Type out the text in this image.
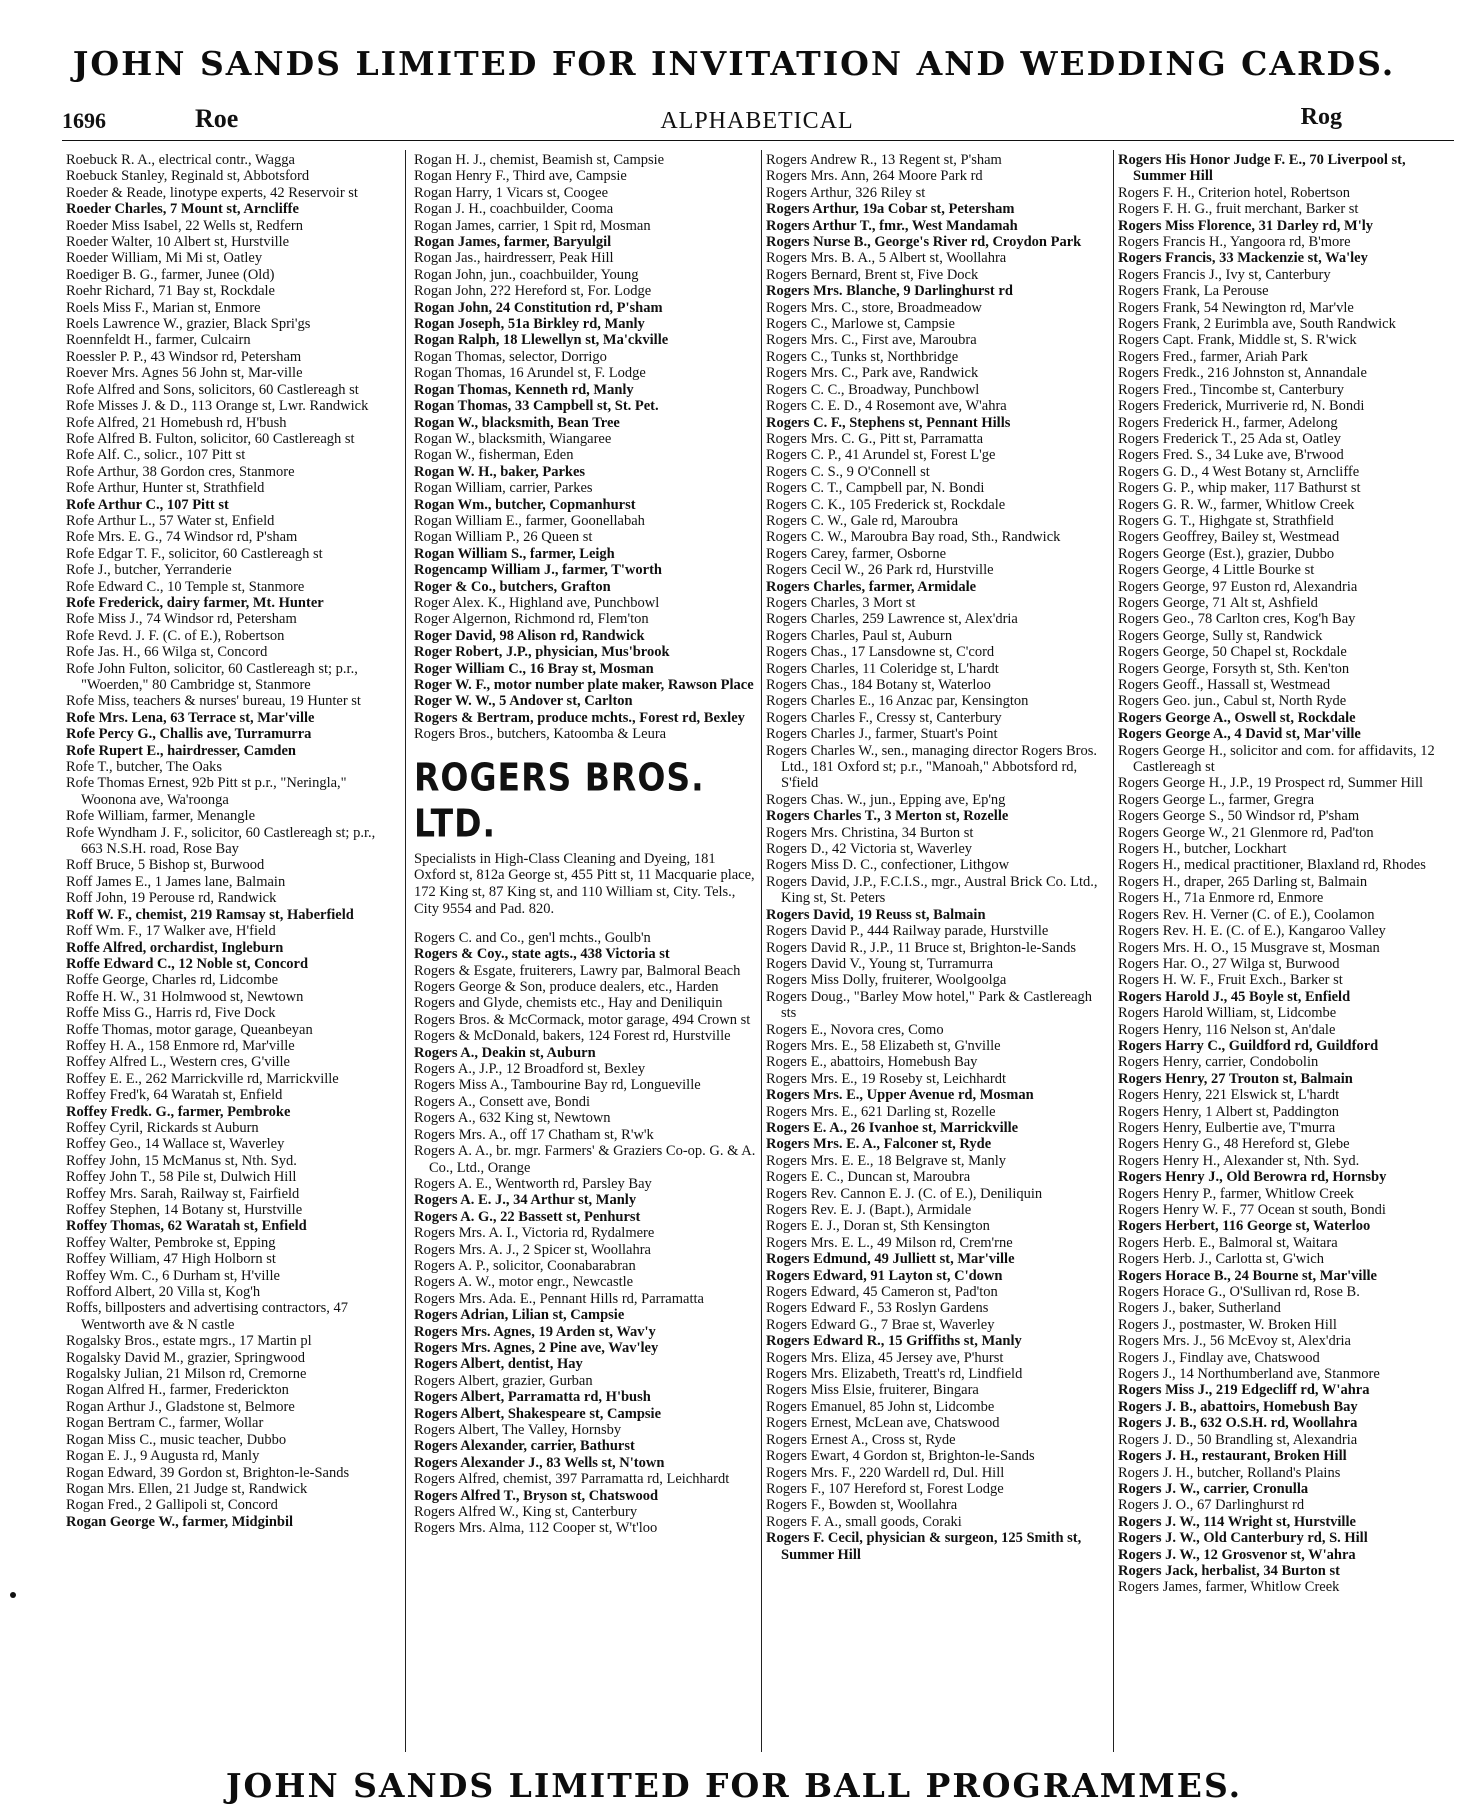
JOHN SANDS LIMITED FOR INVITATION AND WEDDING CARDS.
1696	Roe	ALPHABETICAL	Rog

Roebuck R. A., electrical contr., Wagga

Roebuck Stanley, Reginald st, Abbotsford

Roeder & Reade, linotype experts, 42 Reservoir st

Roeder Charles, 7 Mount st, Arncliffe

Roeder Miss Isabel, 22 Wells st, Redfern

Roeder Walter, 10 Albert st, Hurstville

Roeder William, Mi Mi st, Oatley

Roediger B. G., farmer, Junee (Old)

Roehr Richard, 71 Bay st, Rockdale

Roels Miss F., Marian st, Enmore

Roels Lawrence W., grazier, Black Spri'gs

Roennfeldt H., farmer, Culcairn

Roessler P. P., 43 Windsor rd, Petersham

Roever Mrs. Agnes 56 John st, Mar-ville

Rofe Alfred and Sons, solicitors, 60 Castlereagh st

Rofe Misses J. & D., 113 Orange st, Lwr. Randwick

Rofe Alfred, 21 Homebush rd, H'bush

Rofe Alfred B. Fulton, solicitor, 60 Castlereagh st

Rofe Alf. C., solicr., 107 Pitt st

Rofe Arthur, 38 Gordon cres, Stanmore

Rofe Arthur, Hunter st, Strathfield

Rofe Arthur C., 107 Pitt st

Rofe Arthur L., 57 Water st, Enfield

Rofe Mrs. E. G., 74 Windsor rd, P'sham

Rofe Edgar T. F., solicitor, 60 Castlereagh st

Rofe J., butcher, Yerranderie

Rofe Edward C., 10 Temple st, Stanmore

Rofe Frederick, dairy farmer, Mt. Hunter

Rofe Miss J., 74 Windsor rd, Petersham

Rofe Revd. J. F. (C. of E.), Robertson

Rofe Jas. H., 66 Wilga st, Concord

Rofe John Fulton, solicitor, 60 Castlereagh st; p.r., "Woerden," 80 Cambridge st, Stanmore

Rofe Miss, teachers & nurses' bureau, 19 Hunter st

Rofe Mrs. Lena, 63 Terrace st, Mar'ville

Rofe Percy G., Challis ave, Turramurra

Rofe Rupert E., hairdresser, Camden

Rofe T., butcher, The Oaks

Rofe Thomas Ernest, 92b Pitt st p.r., "Neringla," Woonona ave, Wa'roonga

Rofe William, farmer, Menangle

Rofe Wyndham J. F., solicitor, 60 Castlereagh st; p.r., 663 N.S.H. road, Rose Bay

Roff Bruce, 5 Bishop st, Burwood

Roff James E., 1 James lane, Balmain

Roff John, 19 Perouse rd, Randwick

Roff W. F., chemist, 219 Ramsay st, Haberfield

Roff Wm. F., 17 Walker ave, H'field

Roffe Alfred, orchardist, Ingleburn

Roffe Edward C., 12 Noble st, Concord

Roffe George, Charles rd, Lidcombe

Roffe H. W., 31 Holmwood st, Newtown

Roffe Miss G., Harris rd, Five Dock

Roffe Thomas, motor garage, Queanbeyan

Roffey H. A., 158 Enmore rd, Mar'ville

Roffey Alfred L., Western cres, G'ville

Roffey E. E., 262 Marrickville rd, Marrickville

Roffey Fred'k, 64 Waratah st, Enfield

Roffey Fredk. G., farmer, Pembroke

Roffey Cyril, Rickards st Auburn

Roffey Geo., 14 Wallace st, Waverley

Roffey John, 15 McManus st, Nth. Syd.

Roffey John T., 58 Pile st, Dulwich Hill

Roffey Mrs. Sarah, Railway st, Fairfield

Roffey Stephen, 14 Botany st, Hurstville

Roffey Thomas, 62 Waratah st, Enfield

Roffey Walter, Pembroke st, Epping

Roffey William, 47 High Holborn st

Roffey Wm. C., 6 Durham st, H'ville

Rofford Albert, 20 Villa st, Kog'h

Roffs, billposters and advertising contractors, 47 Wentworth ave & N castle

Rogalsky Bros., estate mgrs., 17 Martin pl

Rogalsky David M., grazier, Springwood

Rogalsky Julian, 21 Milson rd, Cremorne

Rogan Alfred H., farmer, Frederickton

Rogan Arthur J., Gladstone st, Belmore

Rogan Bertram C., farmer, Wollar

Rogan Miss C., music teacher, Dubbo

Rogan E. J., 9 Augusta rd, Manly

Rogan Edward, 39 Gordon st, Brighton-le-Sands

Rogan Mrs. Ellen, 21 Judge st, Randwick

Rogan Fred., 2 Gallipoli st, Concord

Rogan George W., farmer, Midginbil

Rogan H. J., chemist, Beamish st, Campsie

Rogan Henry F., Third ave, Campsie

Rogan Harry, 1 Vicars st, Coogee

Rogan J. H., coachbuilder, Cooma

Rogan James, carrier, 1 Spit rd, Mosman

Rogan James, farmer, Baryulgil

Rogan Jas., hairdresserr, Peak Hill

Rogan John, jun., coachbuilder, Young

Rogan John, 2?2 Hereford st, For. Lodge

Rogan John, 24 Constitution rd, P'sham

Rogan Joseph, 51a Birkley rd, Manly

Rogan Ralph, 18 Llewellyn st, Ma'ckville

Rogan Thomas, selector, Dorrigo

Rogan Thomas, 16 Arundel st, F. Lodge

Rogan Thomas, Kenneth rd, Manly

Rogan Thomas, 33 Campbell st, St. Pet.

Rogan W., blacksmith, Bean Tree

Rogan W., blacksmith, Wiangaree

Rogan W., fisherman, Eden

Rogan W. H., baker, Parkes

Rogan William, carrier, Parkes

Rogan Wm., butcher, Copmanhurst

Rogan William E., farmer, Goonellabah

Rogan William P., 26 Queen st

Rogan William S., farmer, Leigh

Rogencamp William J., farmer, T'worth

Roger & Co., butchers, Grafton

Roger Alex. K., Highland ave, Punchbowl

Roger Algernon, Richmond rd, Flem'ton

Roger David, 98 Alison rd, Randwick

Roger Robert, J.P., physician, Mus'brook

Roger William C., 16 Bray st, Mosman

Roger W. F., motor number plate maker, Rawson Place

Roger W. W., 5 Andover st, Carlton

Rogers & Bertram, produce mchts., Forest rd, Bexley

Rogers Bros., butchers, Katoomba & Leura

ROGERS BROS. LTD.
Specialists in High-Class Cleaning and Dyeing, 181 Oxford st, 812a George st, 455 Pitt st, 11 Macquarie place, 172 King st, 87 King st, and 110 William st, City. Tels., City 9554 and Pad. 820.

Rogers C. and Co., gen'l mchts., Goulb'n

Rogers & Coy., state agts., 438 Victoria st

Rogers & Esgate, fruiterers, Lawry par, Balmoral Beach

Rogers George & Son, produce dealers, etc., Harden

Rogers and Glyde, chemists etc., Hay and Deniliquin

Rogers Bros. & McCormack, motor garage, 494 Crown st

Rogers & McDonald, bakers, 124 Forest rd, Hurstville

Rogers A., Deakin st, Auburn

Rogers A., J.P., 12 Broadford st, Bexley

Rogers Miss A., Tambourine Bay rd, Longueville

Rogers A., Consett ave, Bondi

Rogers A., 632 King st, Newtown

Rogers Mrs. A., off 17 Chatham st, R'w'k

Rogers A. A., br. mgr. Farmers' & Graziers Co-op. G. & A. Co., Ltd., Orange

Rogers A. E., Wentworth rd, Parsley Bay

Rogers A. E. J., 34 Arthur st, Manly

Rogers A. G., 22 Bassett st, Penhurst

Rogers Mrs. A. I., Victoria rd, Rydalmere

Rogers Mrs. A. J., 2 Spicer st, Woollahra

Rogers A. P., solicitor, Coonabarabran

Rogers A. W., motor engr., Newcastle

Rogers Mrs. Ada. E., Pennant Hills rd, Parramatta

Rogers Adrian, Lilian st, Campsie

Rogers Mrs. Agnes, 19 Arden st, Wav'y

Rogers Mrs. Agnes, 2 Pine ave, Wav'ley

Rogers Albert, dentist, Hay

Rogers Albert, grazier, Gurban

Rogers Albert, Parramatta rd, H'bush

Rogers Albert, Shakespeare st, Campsie

Rogers Albert, The Valley, Hornsby

Rogers Alexander, carrier, Bathurst

Rogers Alexander J., 83 Wells st, N'town

Rogers Alfred, chemist, 397 Parramatta rd, Leichhardt

Rogers Alfred T., Bryson st, Chatswood

Rogers Alfred W., King st, Canterbury

Rogers Mrs. Alma, 112 Cooper st, W't'loo

Rogers Andrew R., 13 Regent st, P'sham

Rogers Mrs. Ann, 264 Moore Park rd

Rogers Arthur, 326 Riley st

Rogers Arthur, 19a Cobar st, Petersham

Rogers Arthur T., fmr., West Mandamah

Rogers Nurse B., George's River rd, Croydon Park

Rogers Mrs. B. A., 5 Albert st, Woollahra

Rogers Bernard, Brent st, Five Dock

Rogers Mrs. Blanche, 9 Darlinghurst rd

Rogers Mrs. C., store, Broadmeadow

Rogers C., Marlowe st, Campsie

Rogers Mrs. C., First ave, Maroubra

Rogers C., Tunks st, Northbridge

Rogers Mrs. C., Park ave, Randwick

Rogers C. C., Broadway, Punchbowl

Rogers C. E. D., 4 Rosemont ave, W'ahra

Rogers C. F., Stephens st, Pennant Hills

Rogers Mrs. C. G., Pitt st, Parramatta

Rogers C. P., 41 Arundel st, Forest L'ge

Rogers C. S., 9 O'Connell st

Rogers C. T., Campbell par, N. Bondi

Rogers C. K., 105 Frederick st, Rockdale

Rogers C. W., Gale rd, Maroubra

Rogers C. W., Maroubra Bay road, Sth., Randwick

Rogers Carey, farmer, Osborne

Rogers Cecil W., 26 Park rd, Hurstville

Rogers Charles, farmer, Armidale

Rogers Charles, 3 Mort st

Rogers Charles, 259 Lawrence st, Alex'dria

Rogers Charles, Paul st, Auburn

Rogers Chas., 17 Lansdowne st, C'cord

Rogers Charles, 11 Coleridge st, L'hardt

Rogers Chas., 184 Botany st, Waterloo

Rogers Charles E., 16 Anzac par, Kensington

Rogers Charles F., Cressy st, Canterbury

Rogers Charles J., farmer, Stuart's Point

Rogers Charles W., sen., managing director Rogers Bros. Ltd., 181 Oxford st; p.r., "Manoah," Abbotsford rd, S'field

Rogers Chas. W., jun., Epping ave, Ep'ng

Rogers Charles T., 3 Merton st, Rozelle

Rogers Mrs. Christina, 34 Burton st

Rogers D., 42 Victoria st, Waverley

Rogers Miss D. C., confectioner, Lithgow

Rogers David, J.P., F.C.I.S., mgr., Austral Brick Co. Ltd., King st, St. Peters

Rogers David, 19 Reuss st, Balmain

Rogers David P., 444 Railway parade, Hurstville

Rogers David R., J.P., 11 Bruce st, Brighton-le-Sands

Rogers David V., Young st, Turramurra

Rogers Miss Dolly, fruiterer, Woolgoolga

Rogers Doug., "Barley Mow hotel," Park & Castlereagh sts

Rogers E., Novora cres, Como

Rogers Mrs. E., 58 Elizabeth st, G'nville

Rogers E., abattoirs, Homebush Bay

Rogers Mrs. E., 19 Roseby st, Leichhardt

Rogers Mrs. E., Upper Avenue rd, Mosman

Rogers Mrs. E., 621 Darling st, Rozelle

Rogers E. A., 26 Ivanhoe st, Marrickville

Rogers Mrs. E. A., Falconer st, Ryde

Rogers Mrs. E. E., 18 Belgrave st, Manly

Rogers E. C., Duncan st, Maroubra

Rogers Rev. Cannon E. J. (C. of E.), Deniliquin

Rogers Rev. E. J. (Bapt.), Armidale

Rogers E. J., Doran st, Sth Kensington

Rogers Mrs. E. L., 49 Milson rd, Crem'rne

Rogers Edmund, 49 Julliett st, Mar'ville

Rogers Edward, 91 Layton st, C'down

Rogers Edward, 45 Cameron st, Pad'ton

Rogers Edward F., 53 Roslyn Gardens

Rogers Edward G., 7 Brae st, Waverley

Rogers Edward R., 15 Griffiths st, Manly

Rogers Mrs. Eliza, 45 Jersey ave, P'hurst

Rogers Mrs. Elizabeth, Treatt's rd, Lindfield

Rogers Miss Elsie, fruiterer, Bingara

Rogers Emanuel, 85 John st, Lidcombe

Rogers Ernest, McLean ave, Chatswood

Rogers Ernest A., Cross st, Ryde

Rogers Ewart, 4 Gordon st, Brighton-le-Sands

Rogers Mrs. F., 220 Wardell rd, Dul. Hill

Rogers F., 107 Hereford st, Forest Lodge

Rogers F., Bowden st, Woollahra

Rogers F. A., small goods, Coraki

Rogers F. Cecil, physician & surgeon, 125 Smith st, Summer Hill

Rogers His Honor Judge F. E., 70 Liverpool st, Summer Hill

Rogers F. H., Criterion hotel, Robertson

Rogers F. H. G., fruit merchant, Barker st

Rogers Miss Florence, 31 Darley rd, M'ly

Rogers Francis H., Yangoora rd, B'more

Rogers Francis, 33 Mackenzie st, Wa'ley

Rogers Francis J., Ivy st, Canterbury

Rogers Frank, La Perouse

Rogers Frank, 54 Newington rd, Mar'vle

Rogers Frank, 2 Eurimbla ave, South Randwick

Rogers Capt. Frank, Middle st, S. R'wick

Rogers Fred., farmer, Ariah Park

Rogers Fredk., 216 Johnston st, Annandale

Rogers Fred., Tincombe st, Canterbury

Rogers Frederick, Murriverie rd, N. Bondi

Rogers Frederick H., farmer, Adelong

Rogers Frederick T., 25 Ada st, Oatley

Rogers Fred. S., 34 Luke ave, B'rwood

Rogers G. D., 4 West Botany st, Arncliffe

Rogers G. P., whip maker, 117 Bathurst st

Rogers G. R. W., farmer, Whitlow Creek

Rogers G. T., Highgate st, Strathfield

Rogers Geoffrey, Bailey st, Westmead

Rogers George (Est.), grazier, Dubbo

Rogers George, 4 Little Bourke st

Rogers George, 97 Euston rd, Alexandria

Rogers George, 71 Alt st, Ashfield

Rogers Geo., 78 Carlton cres, Kog'h Bay

Rogers George, Sully st, Randwick

Rogers George, 50 Chapel st, Rockdale

Rogers George, Forsyth st, Sth. Ken'ton

Rogers Geoff., Hassall st, Westmead

Rogers Geo. jun., Cabul st, North Ryde

Rogers George A., Oswell st, Rockdale

Rogers George A., 4 David st, Mar'ville

Rogers George H., solicitor and com. for affidavits, 12 Castlereagh st

Rogers George H., J.P., 19 Prospect rd, Summer Hill

Rogers George L., farmer, Gregra

Rogers George S., 50 Windsor rd, P'sham

Rogers George W., 21 Glenmore rd, Pad'ton

Rogers H., butcher, Lockhart

Rogers H., medical practitioner, Blaxland rd, Rhodes

Rogers H., draper, 265 Darling st, Balmain

Rogers H., 71a Enmore rd, Enmore

Rogers Rev. H. Verner (C. of E.), Coolamon

Rogers Rev. H. E. (C. of E.), Kangaroo Valley

Rogers Mrs. H. O., 15 Musgrave st, Mosman

Rogers Har. O., 27 Wilga st, Burwood

Rogers H. W. F., Fruit Exch., Barker st

Rogers Harold J., 45 Boyle st, Enfield

Rogers Harold William, st, Lidcombe

Rogers Henry, 116 Nelson st, An'dale

Rogers Harry C., Guildford rd, Guildford

Rogers Henry, carrier, Condobolin

Rogers Henry, 27 Trouton st, Balmain

Rogers Henry, 221 Elswick st, L'hardt

Rogers Henry, 1 Albert st, Paddington

Rogers Henry, Eulbertie ave, T'murra

Rogers Henry G., 48 Hereford st, Glebe

Rogers Henry H., Alexander st, Nth. Syd.

Rogers Henry J., Old Berowra rd, Hornsby

Rogers Henry P., farmer, Whitlow Creek

Rogers Henry W. F., 77 Ocean st south, Bondi

Rogers Herbert, 116 George st, Waterloo

Rogers Herb. E., Balmoral st, Waitara

Rogers Herb. J., Carlotta st, G'wich

Rogers Horace B., 24 Bourne st, Mar'ville

Rogers Horace G., O'Sullivan rd, Rose B.

Rogers J., baker, Sutherland

Rogers J., postmaster, W. Broken Hill

Rogers Mrs. J., 56 McEvoy st, Alex'dria

Rogers J., Findlay ave, Chatswood

Rogers J., 14 Northumberland ave, Stanmore

Rogers Miss J., 219 Edgecliff rd, W'ahra

Rogers J. B., abattoirs, Homebush Bay

Rogers J. B., 632 O.S.H. rd, Woollahra

Rogers J. D., 50 Brandling st, Alexandria

Rogers J. H., restaurant, Broken Hill

Rogers J. H., butcher, Rolland's Plains

Rogers J. W., carrier, Cronulla

Rogers J. O., 67 Darlinghurst rd

Rogers J. W., 114 Wright st, Hurstville

Rogers J. W., Old Canterbury rd, S. Hill

Rogers J. W., 12 Grosvenor st, W'ahra

Rogers Jack, herbalist, 34 Burton st

Rogers James, farmer, Whitlow Creek

JOHN SANDS LIMITED FOR BALL PROGRAMMES.
